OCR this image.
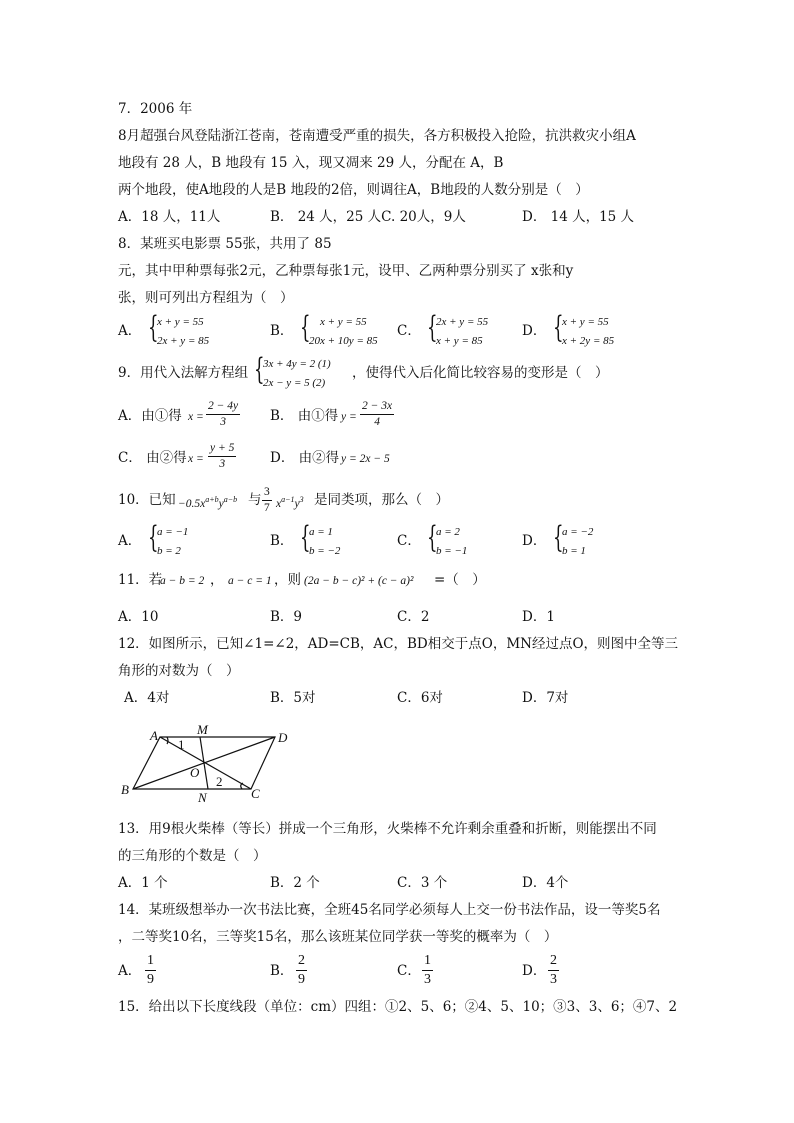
7．2006 年
8月超强台风登陆浙江苍南，苍南遭受严重的损失，各方积极投入抢险，抗洪救灾小组A
地段有 28 人，B 地段有 15 入，现又凋来 29 人，分配在 A，B
两个地段，使A地段的人是B 地段的2倍，则调往A，B地段的人数分别是（　）
A．18 人，11人	B． 24 人，25 人C. 20人，9人	D． 14 人，15 人
8．某班买电影票 55张，共用了 85
元，其中甲种票每张2元，乙种票每张1元，设甲、乙两种票分别买了 x张和y
张，则可列出方程组为（　）
A． {
x + y = 55
2x + y = 85
B． { x + y = 55
20x + 10y = 85
C． {
2x + y = 55
x + y = 85
D． {
x + y = 55
x + 2y = 85
9．用代入法解方程组 {
3x + 4y = 2 (1)
2x − y = 5 (2)
，使得代入后化简比较容易的变形是（　）
A．由①得 $x = \frac{2 - 4y}{3}$ B． 由①得 $y = \frac{2 - 3x}{4}$
C． 由②得 $x = \frac{y + 5}{3}$ D． 由②得 y = 2x − 5
10．已知 $-0.5x^{a+b}y^{a-b}$ 与 $\frac{3}{7} x^{a-1}y^3$ 是同类项，那么（　）
A． {
a = −1
b = 2
B． {
a = 1
b = −2
C． {
a = 2
b = −1
D． {
a = −2
b = 1
11．若
a − b = 2 ， a − c = 1 ，则 (2a − b − c)² + (c − a)² =（　）
A．10	B．9	C．2	D．1
12．如图所示，已知∠1=∠2，AD=CB，AC，BD相交于点O，MN经过点O，则图中全等三
角形的对数为（　）
A．4对	B．5对	C．6对	D．7对
A	M
D
B
N	C
O
1
2
13．用9根火柴棒（等长）拼成一个三角形，火柴棒不允许剩余重叠和折断，则能摆出不同
的三角形的个数是（　）
A．1 个	B．2 个	C．3 个	D．4个
14．某班级想举办一次书法比赛，全班45名同学必须每人上交一份书法作品，设一等奖5名
，二等奖10名，三等奖15名，那么该班某位同学获一等奖的概率为（　）
A． $\frac{1}{9}$	B． $\frac{2}{9}$	C． $\frac{1}{3}$	D． $\frac{2}{3}$
15．给出以下长度线段（单位：cm）四组：①2、5、6；②4、5、10；③3、3、6；④7、2
